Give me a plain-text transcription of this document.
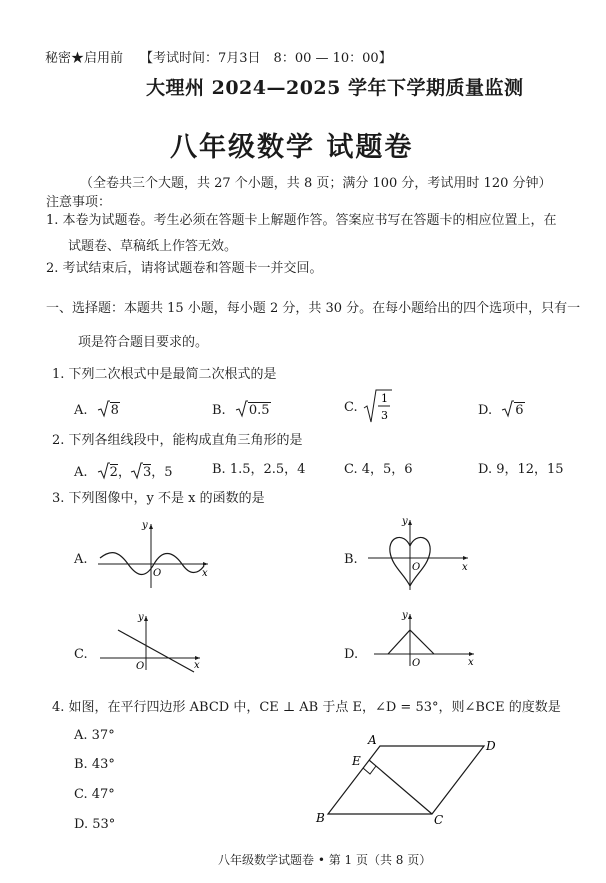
秘密★启用前 【考试时间：7月3日　8：00 — 10：00】
大理州 2024—2025 学年下学期质量监测
八年级数学 试题卷
（全卷共三个大题，共 27 个小题，共 8 页；满分 100 分，考试用时 120 分钟）
注意事项：
1. 本卷为试题卷。考生必须在答题卡上解题作答。答案应书写在答题卡的相应位置上，在
试题卷、草稿纸上作答无效。
2. 考试结束后，请将试题卷和答题卡一并交回。
一、选择题：本题共 15 小题，每小题 2 分，共 30 分。在每小题给出的四个选项中，只有一
项是符合题目要求的。
1. 下列二次根式中是最简二次根式的是
A. 8	B. 0.5	C.
1
3	D. 6
2. 下列各组线段中，能构成直角三角形的是
A. 2， 3，5	B. 1.5，2.5，4	C. 4，5，6	D. 9，12，15
3. 下列图像中，y 不是 x 的函数的是
A.
y
x
O
B.
y
x
O
C.
y
x
O
D.
y
x
O
4. 如图，在平行四边形 ABCD 中，CE ⊥ AB 于点 E，∠D = 53°，则∠BCE 的度数是
A. 37°
B. 43°
C. 47°
D. 53°
A	D
E
B	C
八年级数学试题卷 • 第 1 页（共 8 页）
